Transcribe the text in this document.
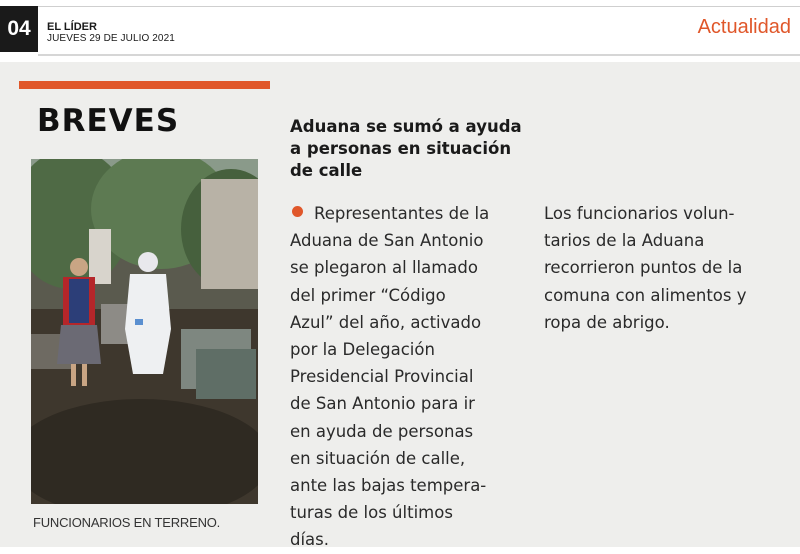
04	EL LÍDER
JUEVES 29 DE JULIO 2021
Actualidad
BREVES
FUNCIONARIOS EN TERRENO.
Aduana se sumó a ayuda a personas en situación de calle
Representantes de la
Aduana de San Antonio
se plegaron al llamado
del primer “Código
Azul” del año, activado
por la Delegación
Presidencial Provincial
de San Antonio para ir
en ayuda de personas
en situación de calle,
ante las bajas tempera-
turas de los últimos
días.
Los funcionarios volun-
tarios de la Aduana
recorrieron puntos de la
comuna con alimentos y
ropa de abrigo.
